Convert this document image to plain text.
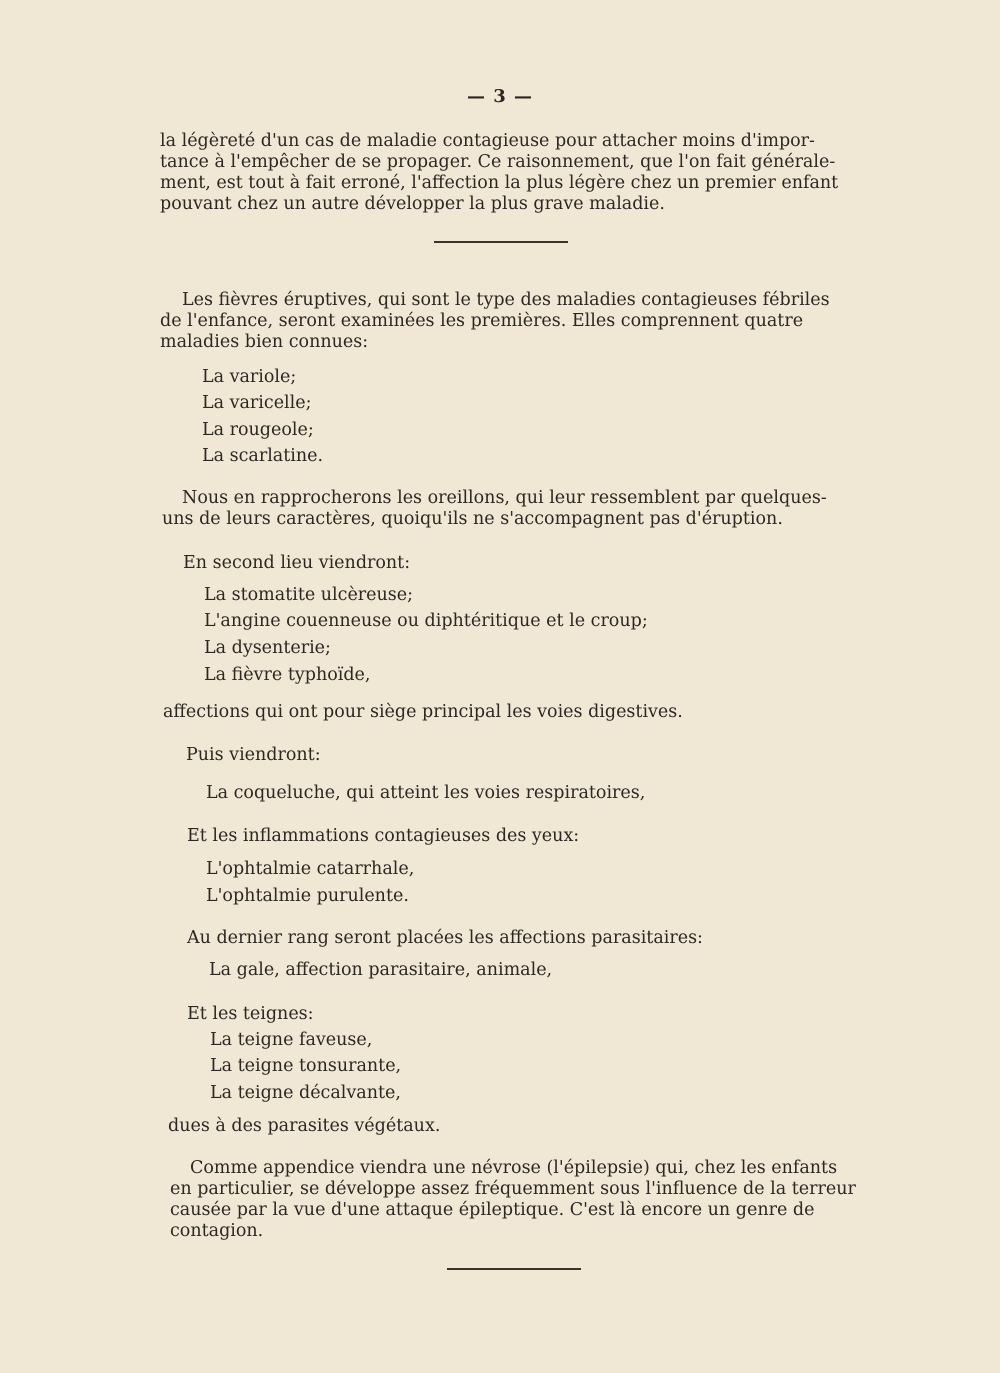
— 3 —
la légèreté d'un cas de maladie contagieuse pour attacher moins d'impor-
tance à l'empêcher de se propager. Ce raisonnement, que l'on fait générale-
ment, est tout à fait erroné, l'affection la plus légère chez un premier enfant
pouvant chez un autre développer la plus grave maladie.
Les fièvres éruptives, qui sont le type des maladies contagieuses fébriles
de l'enfance, seront examinées les premières. Elles comprennent quatre
maladies bien connues:
La variole;
La varicelle;
La rougeole;
La scarlatine.
Nous en rapprocherons les oreillons, qui leur ressemblent par quelques-
uns de leurs caractères, quoiqu'ils ne s'accompagnent pas d'éruption.
En second lieu viendront:
La stomatite ulcèreuse;
L'angine couenneuse ou diphtéritique et le croup;
La dysenterie;
La fièvre typhoïde,
affections qui ont pour siège principal les voies digestives.
Puis viendront:
La coqueluche, qui atteint les voies respiratoires,
Et les inflammations contagieuses des yeux:
L'ophtalmie catarrhale,
L'ophtalmie purulente.
Au dernier rang seront placées les affections parasitaires:
La gale, affection parasitaire, animale,
Et les teignes:
La teigne faveuse,
La teigne tonsurante,
La teigne décalvante,
dues à des parasites végétaux.
Comme appendice viendra une névrose (l'épilepsie) qui, chez les enfants
en particulier, se développe assez fréquemment sous l'influence de la terreur
causée par la vue d'une attaque épileptique. C'est là encore un genre de
contagion.
